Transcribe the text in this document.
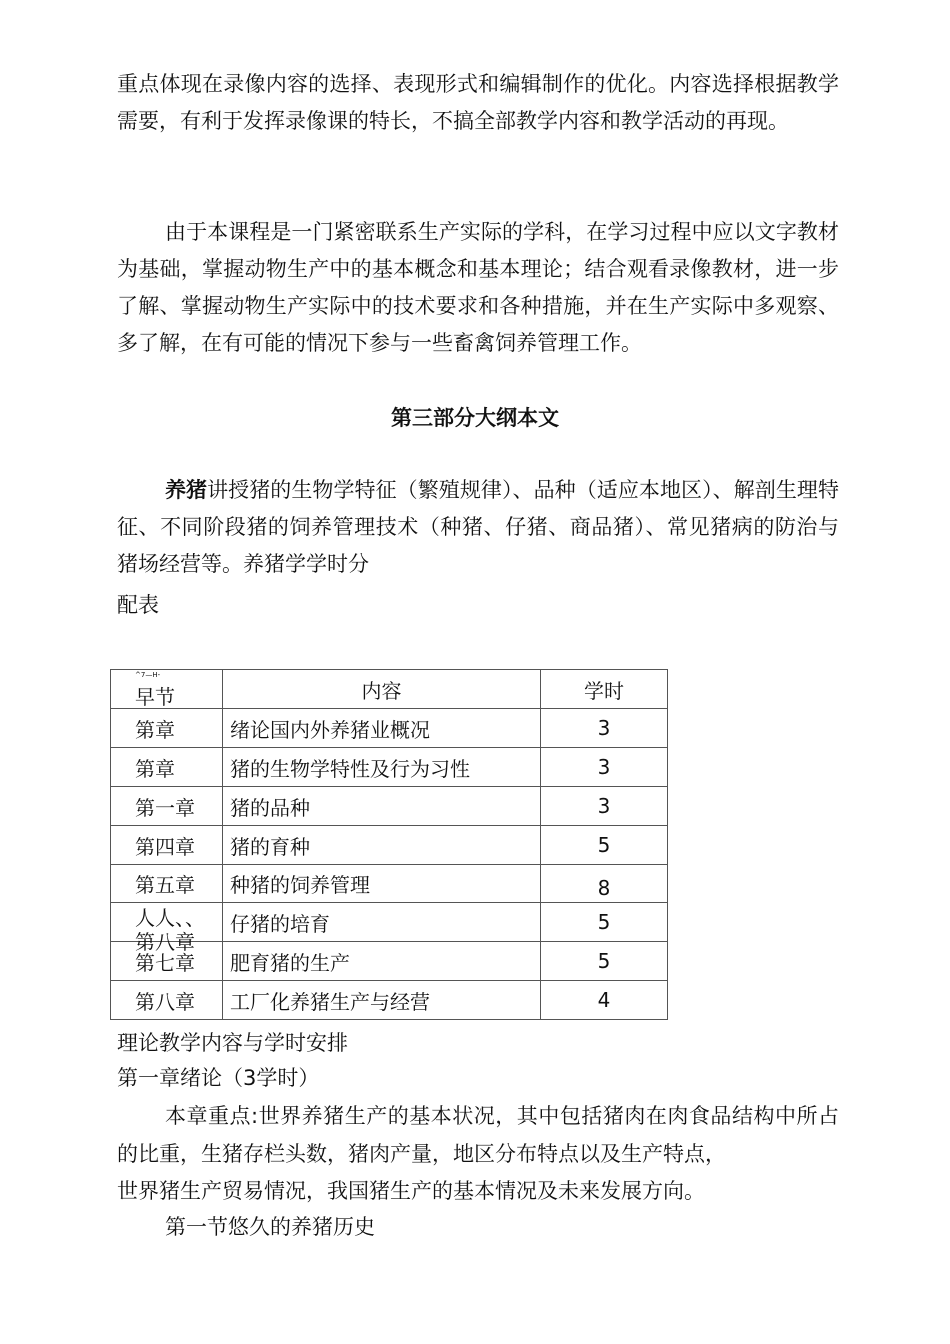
重点体现在录像内容的选择、表现形式和编辑制作的优化。内容选择根据教学需要，有利于发挥录像课的特长，不搞全部教学内容和教学活动的再现。

由于本课程是一门紧密联系生产实际的学科，在学习过程中应以文字教材为基础，掌握动物生产中的基本概念和基本理论；结合观看录像教材，进一步了解、掌握动物生产实际中的技术要求和各种措施，并在生产实际中多观察、多了解，在有可能的情况下参与一些畜禽饲养管理工作。

第三部分大纲本文

养猪讲授猪的生物学特征（繁殖规律）、品种（适应本地区）、解剖生理特征、不同阶段猪的饲养管理技术（种猪、仔猪、商品猪）、常见猪病的防治与猪场经营等。养猪学学时分

配表

^7—H-
早节	内容	学时
第章	绪论国内外养猪业概况	3
第章	猪的生物学特性及行为习性	3
第一章	猪的品种	3
第四章	猪的育种	5
第五章	种猪的饲养管理	8

人人、、第八章	仔猪的培育	5
第七章	肥育猪的生产	5
第八章	工厂化养猪生产与经营	4

理论教学内容与学时安排

第一章绪论（3学时）

本章重点:世界养猪生产的基本状况，其中包括猪肉在肉食品结构中所占的比重，生猪存栏头数，猪肉产量，地区分布特点以及生产特点，

世界猪生产贸易情况，我国猪生产的基本情况及未来发展方向。

第一节悠久的养猪历史
